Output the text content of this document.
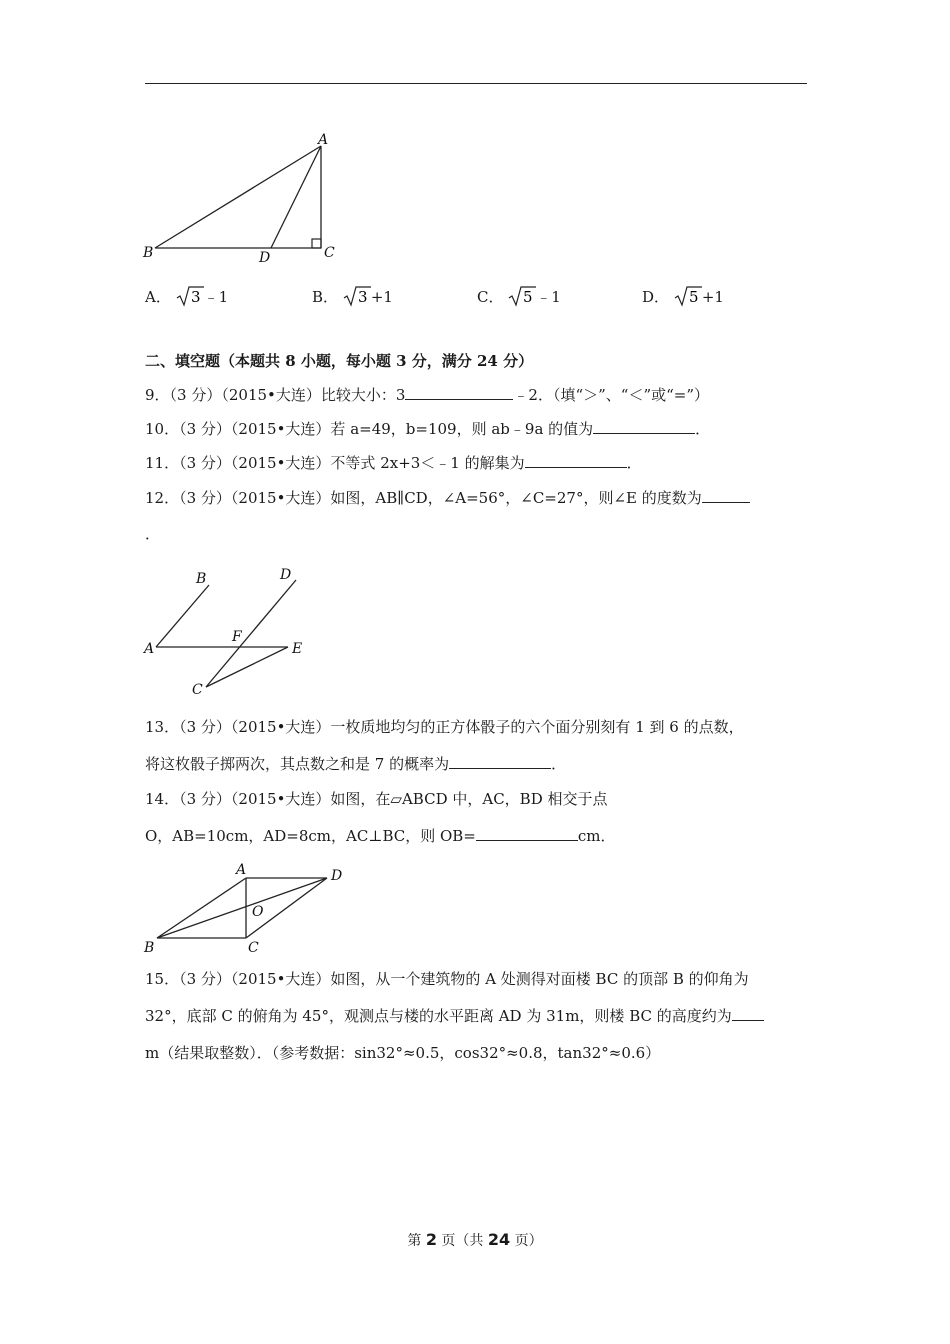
A
B	C
D
A． 3 ﹣1	B． 3 +1	C． 5 ﹣1	D． 5 +1
二、填空题（本题共 8 小题，每小题 3 分，满分 24 分）
9．（3 分）（2015•大连）比较大小：3	﹣2．（填“＞”、“＜”或“=”）
10．（3 分）（2015•大连）若 a=49，b=109，则 ab﹣9a 的值为	．
11．（3 分）（2015•大连）不等式 2x+3＜﹣1 的解集为	．
12．（3 分）（2015•大连）如图，AB∥CD，∠A=56°，∠C=27°，则∠E 的度数为
．
B	D
A
F
E
C
13．（3 分）（2015•大连）一枚质地均匀的正方体骰子的六个面分别刻有 1 到 6 的点数，
将这枚骰子掷两次，其点数之和是 7 的概率为	．
14．（3 分）（2015•大连）如图，在▱ABCD 中，AC，BD 相交于点
O，AB=10cm，AD=8cm，AC⊥BC，则 OB=	cm．
A	D
O
B	C
15．（3 分）（2015•大连）如图，从一个建筑物的 A 处测得对面楼 BC 的顶部 B 的仰角为
32°，底部 C 的俯角为 45°，观测点与楼的水平距离 AD 为 31m，则楼 BC 的高度约为
m（结果取整数）．（参考数据：sin32°≈0.5，cos32°≈0.8，tan32°≈0.6）
第 2 页（共 24 页）
